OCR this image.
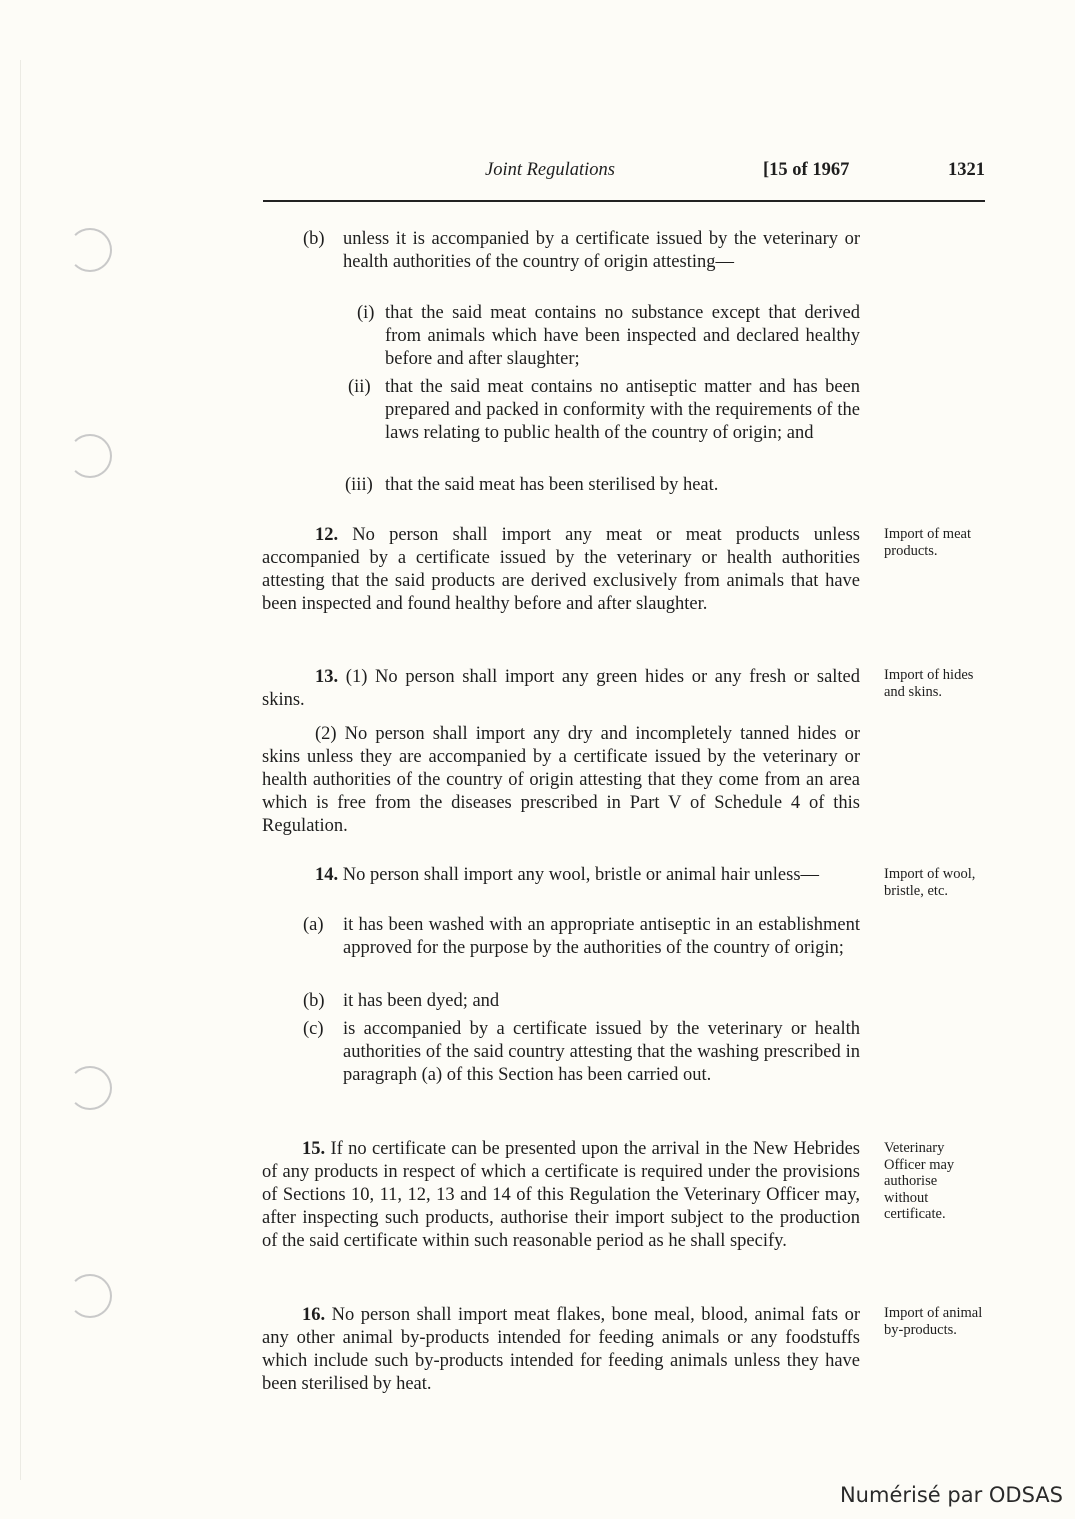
Joint Regulations	[15 of 1967	1321
(b) unless it is accompanied by a certificate issued by the veterinary or health authorities of the country of origin attesting—

(i) that the said meat contains no substance except that derived from animals which have been inspected and declared healthy before and after slaughter;

(ii) that the said meat contains no antiseptic matter and has been prepared and packed in conformity with the requirements of the laws relating to public health of the country of origin; and

(iii) that the said meat has been sterilised by heat.

12. No person shall import any meat or meat products unless accompanied by a certificate issued by the veterinary or health authorities attesting that the said products are derived exclusively from animals that have been inspected and found healthy before and after slaughter.

Import of meat products.

13. (1) No person shall import any green hides or any fresh or salted skins.

Import of hides and skins.

(2) No person shall import any dry and incompletely tanned hides or skins unless they are accompanied by a certificate issued by the veterinary or health authorities of the country of origin attesting that they come from an area which is free from the diseases prescribed in Part V of Schedule 4 of this Regulation.

14. No person shall import any wool, bristle or animal hair unless—	Import of wool, bristle, etc.
(a) it has been washed with an appropriate antiseptic in an establishment approved for the purpose by the authorities of the country of origin;

(b) it has been dyed; and

(c) is accompanied by a certificate issued by the veterinary or health authorities of the said country attesting that the washing prescribed in paragraph (a) of this Section has been carried out.

15. If no certificate can be presented upon the arrival in the New Hebrides of any products in respect of which a certificate is required under the provisions of Sections 10, 11, 12, 13 and 14 of this Regulation the Veterinary Officer may, after inspecting such products, authorise their import subject to the production of the said certificate within such reasonable period as he shall specify.

Veterinary Officer may authorise without certificate.

16. No person shall import meat flakes, bone meal, blood, animal fats or any other animal by-products intended for feeding animals or any foodstuffs which include such by-products intended for feeding animals unless they have been sterilised by heat.

Import of animal by-products.
Numérisé par ODSAS
